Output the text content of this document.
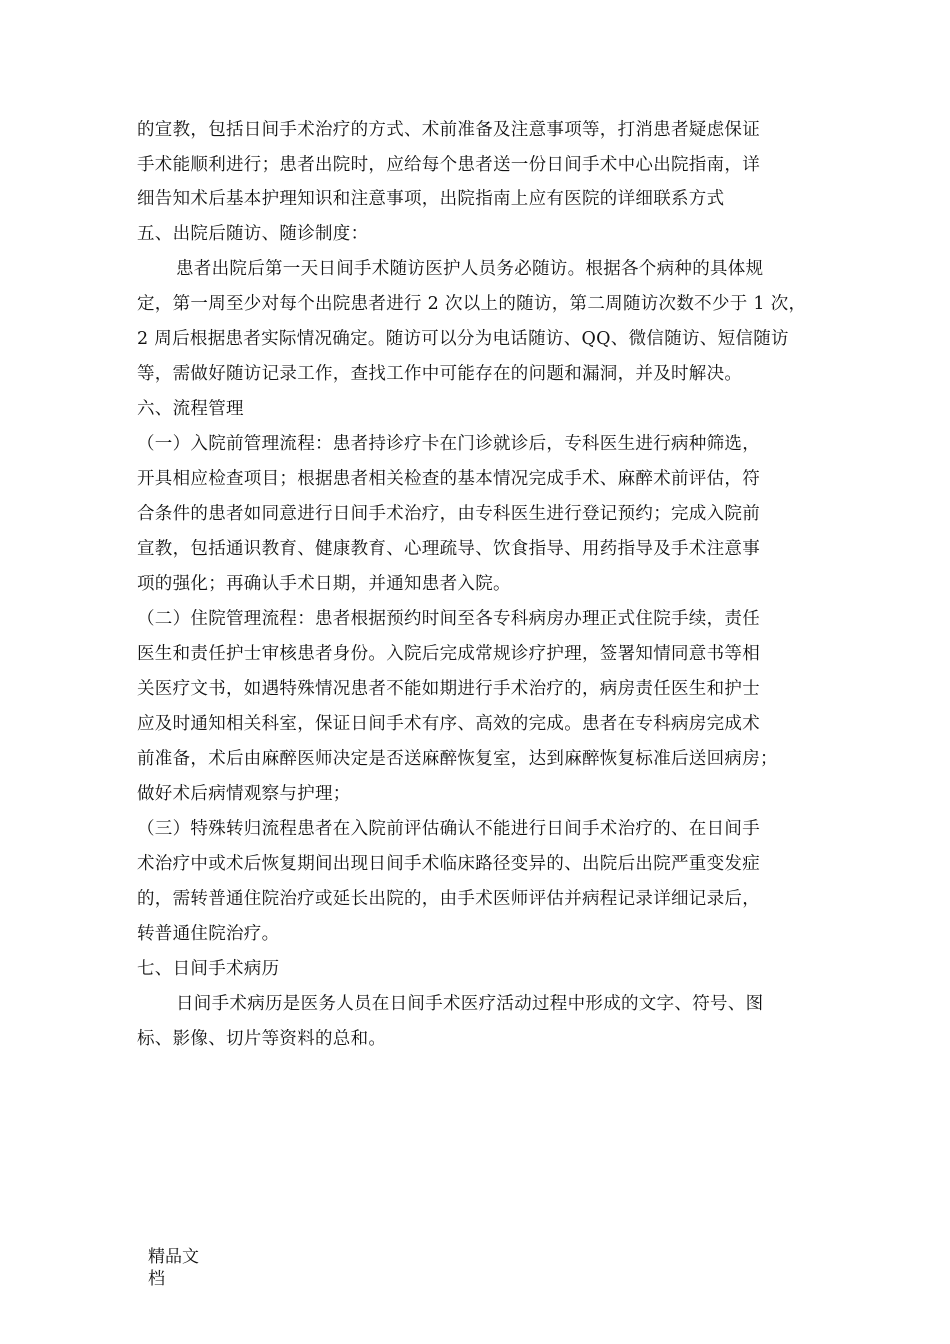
的宣教，包括日间手术治疗的方式、术前准备及注意事项等，打消患者疑虑保证
手术能顺利进行；患者出院时，应给每个患者送一份日间手术中心出院指南，详
细告知术后基本护理知识和注意事项，出院指南上应有医院的详细联系方式
五、出院后随访、随诊制度：
患者出院后第一天日间手术随访医护人员务必随访。根据各个病种的具体规
定，第一周至少对每个出院患者进行 2 次以上的随访，第二周随访次数不少于 1 次，
2 周后根据患者实际情况确定。随访可以分为电话随访、QQ、微信随访、短信随访
等，需做好随访记录工作，查找工作中可能存在的问题和漏洞，并及时解决。
六、流程管理
（一）入院前管理流程：患者持诊疗卡在门诊就诊后，专科医生进行病种筛选，
开具相应检查项目；根据患者相关检查的基本情况完成手术、麻醉术前评估，符
合条件的患者如同意进行日间手术治疗，由专科医生进行登记预约；完成入院前
宣教，包括通识教育、健康教育、心理疏导、饮食指导、用药指导及手术注意事
项的强化；再确认手术日期，并通知患者入院。
（二）住院管理流程：患者根据预约时间至各专科病房办理正式住院手续，责任
医生和责任护士审核患者身份。入院后完成常规诊疗护理，签署知情同意书等相
关医疗文书，如遇特殊情况患者不能如期进行手术治疗的，病房责任医生和护士
应及时通知相关科室，保证日间手术有序、高效的完成。患者在专科病房完成术
前准备，术后由麻醉医师决定是否送麻醉恢复室，达到麻醉恢复标准后送回病房；
做好术后病情观察与护理；
（三）特殊转归流程患者在入院前评估确认不能进行日间手术治疗的、在日间手
术治疗中或术后恢复期间出现日间手术临床路径变异的、出院后出院严重变发症
的，需转普通住院治疗或延长出院的，由手术医师评估并病程记录详细记录后，
转普通住院治疗。
七、日间手术病历
日间手术病历是医务人员在日间手术医疗活动过程中形成的文字、符号、图
标、影像、切片等资料的总和。
精品文
档
